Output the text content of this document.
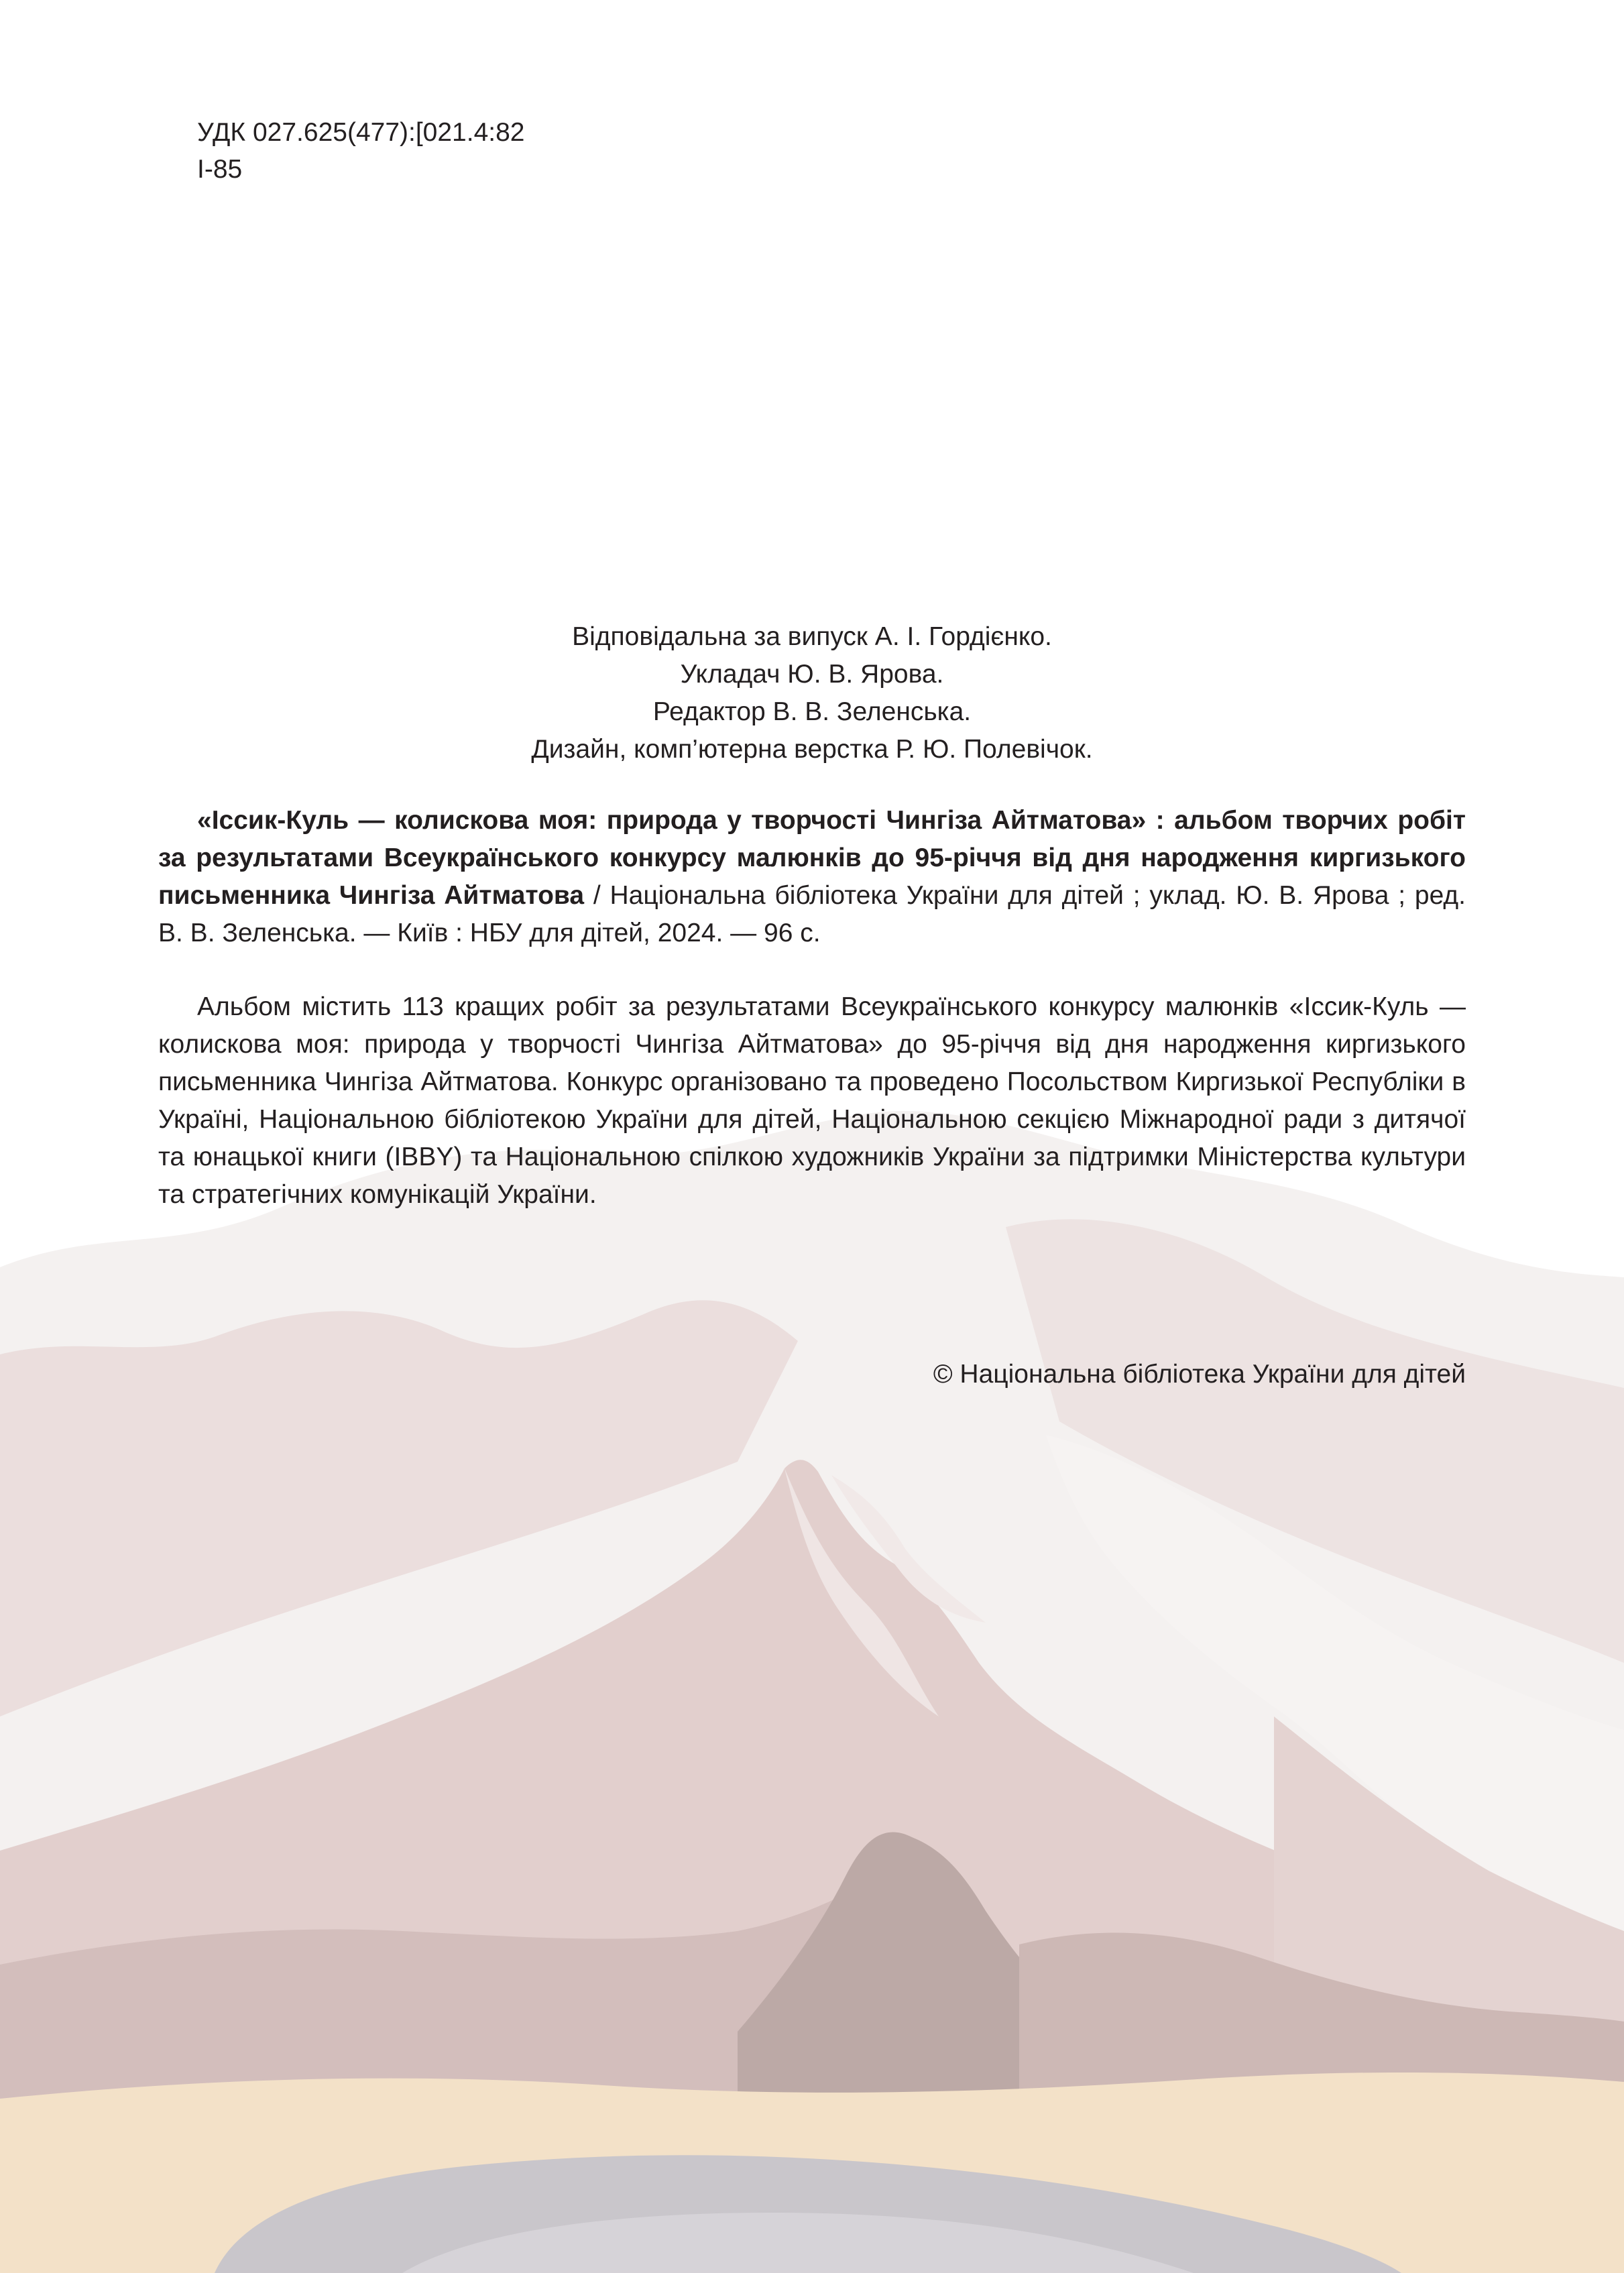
УДК 027.625(477):[021.4:82
І-85
Відповідальна за випуск А. І. Гордієнко.
Укладач Ю. В. Ярова.
Редактор В. В. Зеленська.
Дизайн, комп’ютерна верстка Р. Ю. Полевічок.
«Іссик-Куль — колискова моя: природа у творчості Чингіза Айтматова» : альбом творчих робіт за результатами Всеукраїнського конкурсу малюнків до 95-річчя від дня народження киргизького письменника Чингіза Айтматова / Національна бібліотека України для дітей ; уклад. Ю. В. Ярова ; ред. В. В. Зеленська. — Київ : НБУ для дітей, 2024. — 96 с.
Альбом містить 113 кращих робіт за результатами Всеукраїнського конкурсу малюнків «Іссик-Куль — колискова моя: природа у творчості Чингіза Айтматова» до 95-річчя від дня народження киргизького письменника Чингіза Айтматова. Конкурс організовано та проведено Посольством Киргизької Республіки в Україні, Національною бібліотекою України для дітей, Національною секцією Міжнародної ради з дитячої та юнацької книги (IBBY) та Національною спілкою художників України за підтримки Міністерства культури та стратегічних комунікацій України.
© Національна бібліотека України для дітей
